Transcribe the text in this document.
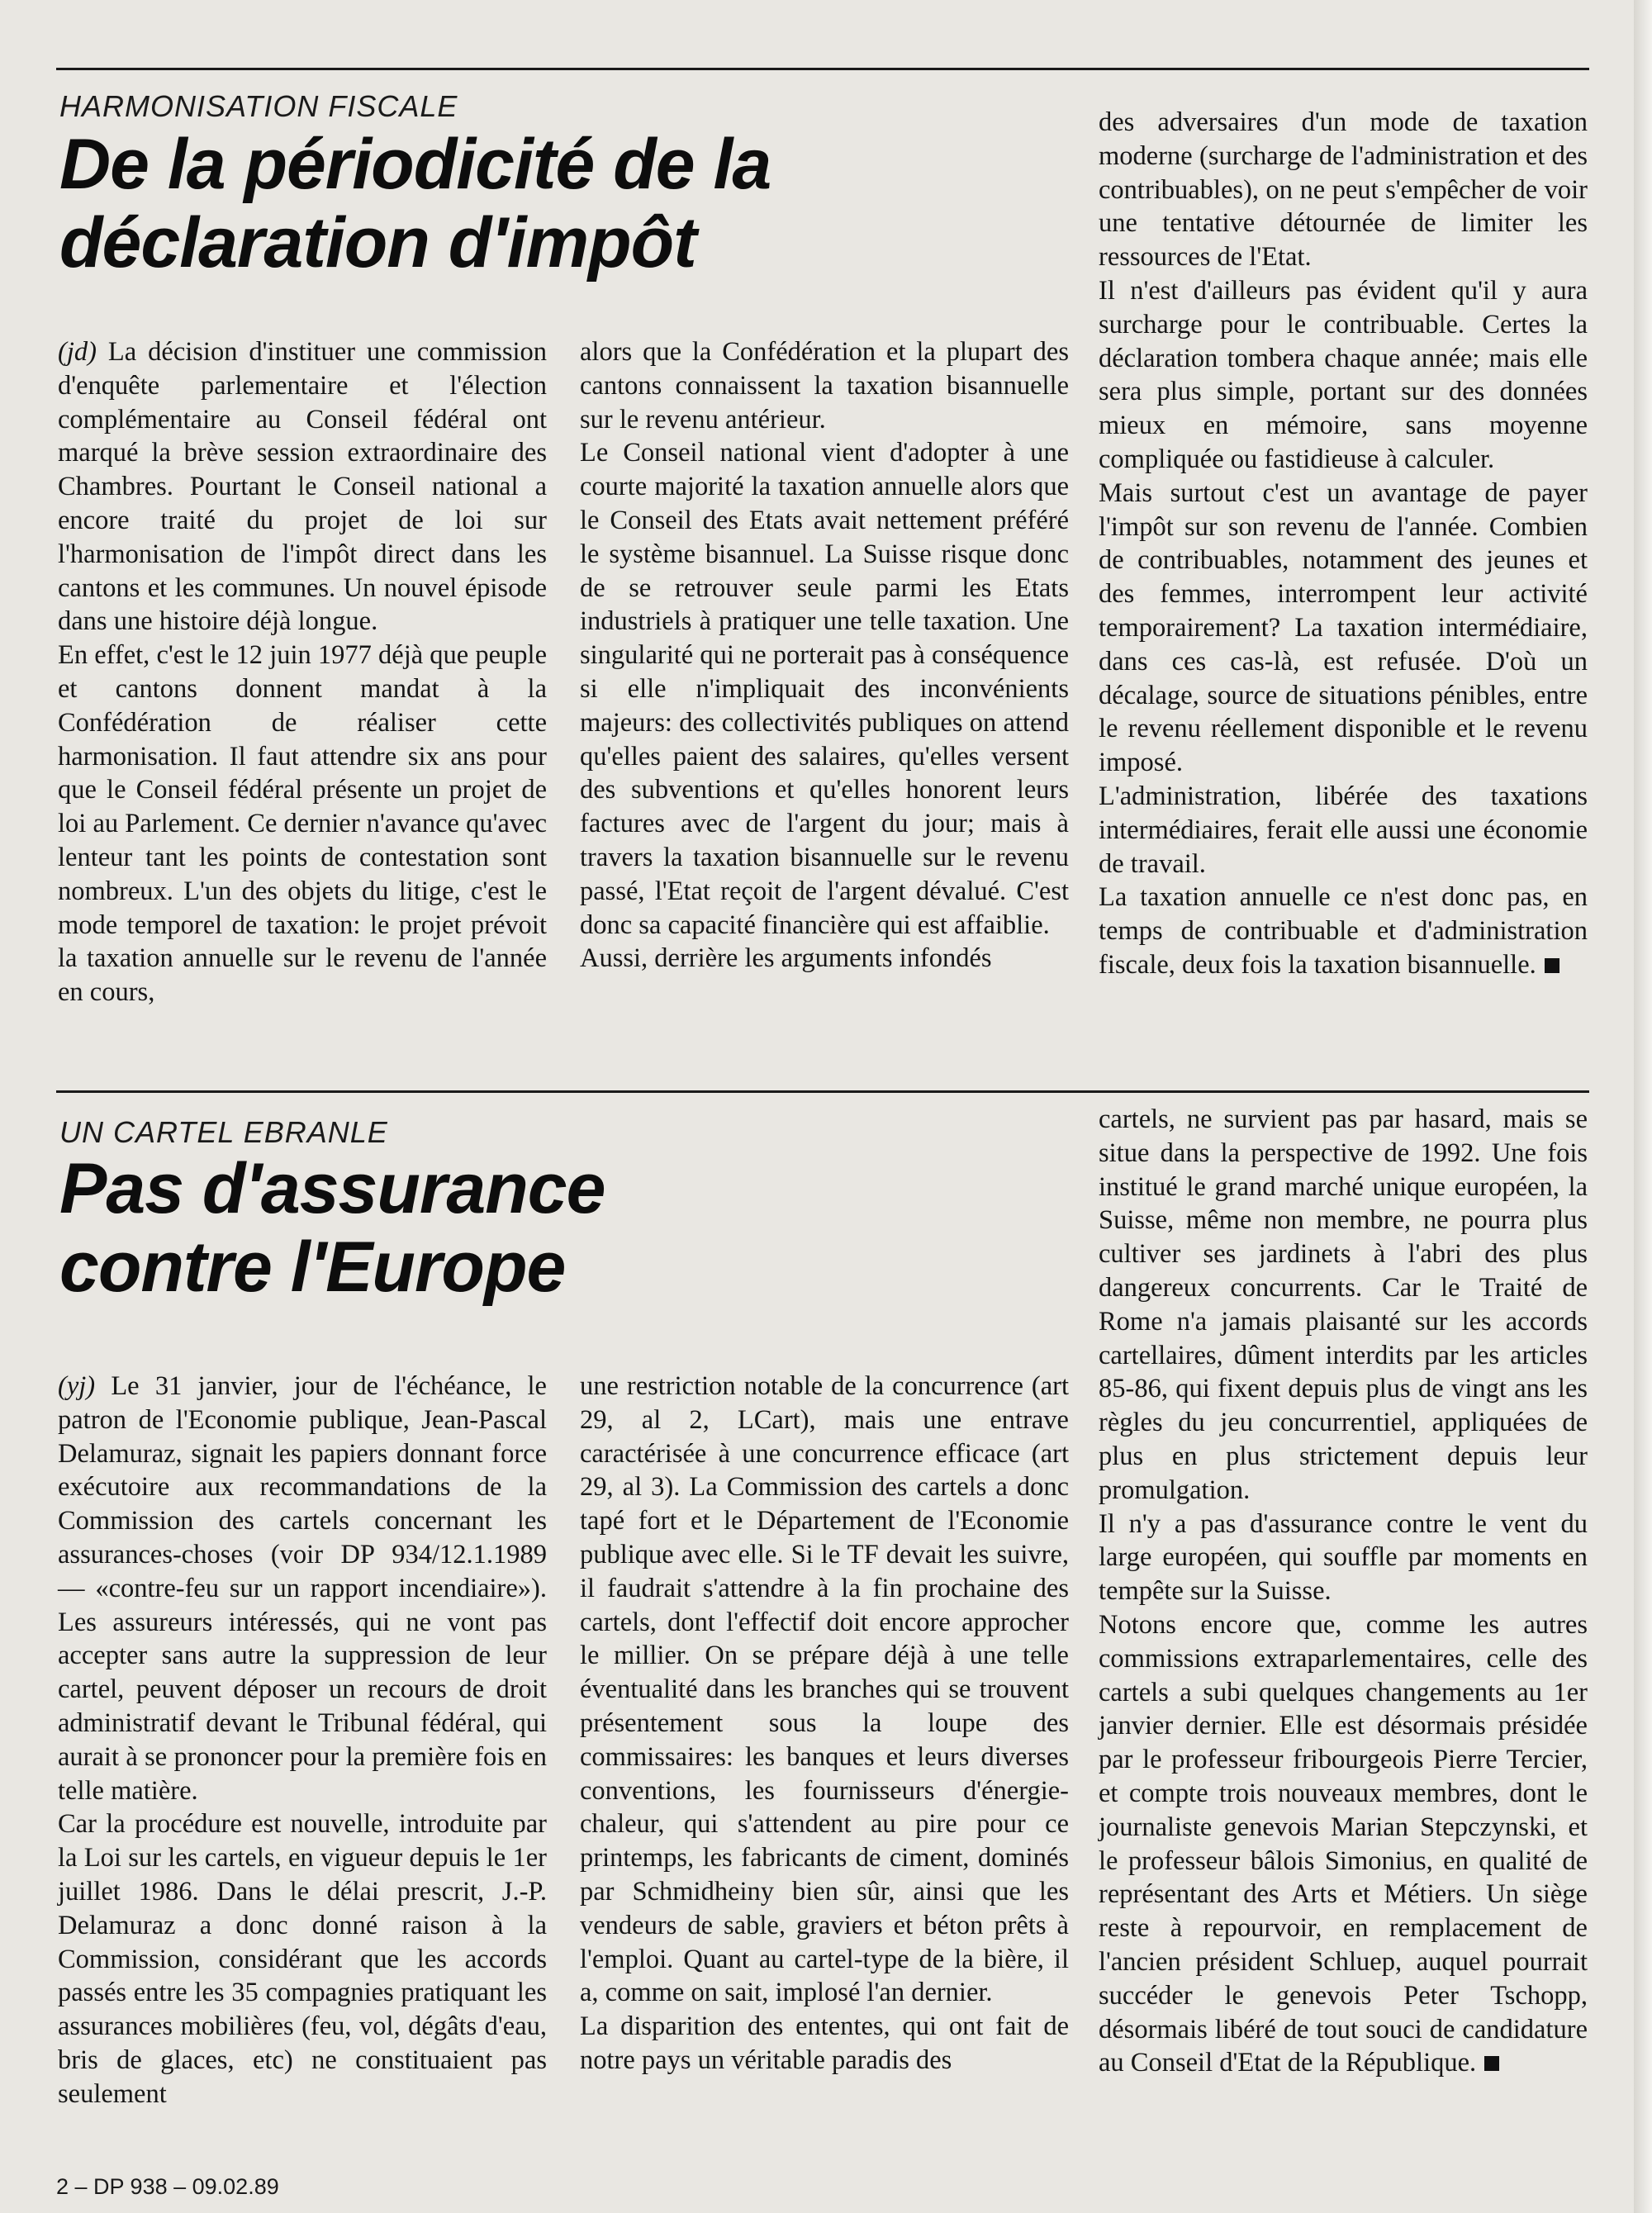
HARMONISATION FISCALE
De la périodicité de la
déclaration d'impôt

(jd) La décision d'instituer une commission d'enquête parlementaire et l'élection complémentaire au Conseil fédéral ont marqué la brève session extraordinaire des Chambres. Pourtant le Conseil national a encore traité du projet de loi sur l'harmonisation de l'impôt direct dans les cantons et les communes. Un nouvel épisode dans une histoire déjà longue.

En effet, c'est le 12 juin 1977 déjà que peuple et cantons donnent mandat à la Confédération de réaliser cette harmonisation. Il faut attendre six ans pour que le Conseil fédéral présente un projet de loi au Parlement. Ce dernier n'avance qu'avec lenteur tant les points de contestation sont nombreux. L'un des objets du litige, c'est le mode temporel de taxation: le projet prévoit la taxation annuelle sur le revenu de l'année en cours,

alors que la Confédération et la plupart des cantons connaissent la taxation bisannuelle sur le revenu antérieur.

Le Conseil national vient d'adopter à une courte majorité la taxation annuelle alors que le Conseil des Etats avait nettement préféré le système bisannuel. La Suisse risque donc de se retrouver seule parmi les Etats industriels à pratiquer une telle taxation. Une singularité qui ne porterait pas à conséquence si elle n'impliquait des inconvénients majeurs: des collectivités publiques on attend qu'elles paient des salaires, qu'elles versent des subventions et qu'elles honorent leurs factures avec de l'argent du jour; mais à travers la taxation bisannuelle sur le revenu passé, l'Etat reçoit de l'argent dévalué. C'est donc sa capacité financière qui est affaiblie.

Aussi, derrière les arguments infondés

des adversaires d'un mode de taxation moderne (surcharge de l'administration et des contribuables), on ne peut s'empêcher de voir une tentative détournée de limiter les ressources de l'Etat.

Il n'est d'ailleurs pas évident qu'il y aura surcharge pour le contribuable. Certes la déclaration tombera chaque année; mais elle sera plus simple, portant sur des données mieux en mémoire, sans moyenne compliquée ou fastidieuse à calculer.

Mais surtout c'est un avantage de payer l'impôt sur son revenu de l'année. Combien de contribuables, notamment des jeunes et des femmes, interrompent leur activité temporairement? La taxation intermédiaire, dans ces cas-là, est refusée. D'où un décalage, source de situations pénibles, entre le revenu réellement disponible et le revenu imposé.

L'administration, libérée des taxations intermédiaires, ferait elle aussi une économie de travail.

La taxation annuelle ce n'est donc pas, en temps de contribuable et d'administration fiscale, deux fois la taxation bisannuelle.

UN CARTEL EBRANLE
Pas d'assurance
contre l'Europe

(yj) Le 31 janvier, jour de l'échéance, le patron de l'Economie publique, Jean-Pascal Delamuraz, signait les papiers donnant force exécutoire aux recommandations de la Commission des cartels concernant les assurances-choses (voir DP 934/12.1.1989 — «contre-feu sur un rapport incendiaire»). Les assureurs intéressés, qui ne vont pas accepter sans autre la suppression de leur cartel, peuvent déposer un recours de droit administratif devant le Tribunal fédéral, qui aurait à se prononcer pour la première fois en telle matière.

Car la procédure est nouvelle, introduite par la Loi sur les cartels, en vigueur depuis le 1er juillet 1986. Dans le délai prescrit, J.-P. Delamuraz a donc donné raison à la Commission, considérant que les accords passés entre les 35 compagnies pratiquant les assurances mobilières (feu, vol, dégâts d'eau, bris de glaces, etc) ne constituaient pas seulement

une restriction notable de la concurrence (art 29, al 2, LCart), mais une entrave caractérisée à une concurrence efficace (art 29, al 3). La Commission des cartels a donc tapé fort et le Département de l'Economie publique avec elle. Si le TF devait les suivre, il faudrait s'attendre à la fin prochaine des cartels, dont l'effectif doit encore approcher le millier. On se prépare déjà à une telle éventualité dans les branches qui se trouvent présentement sous la loupe des commissaires: les banques et leurs diverses conventions, les fournisseurs d'énergie-chaleur, qui s'attendent au pire pour ce printemps, les fabricants de ciment, dominés par Schmidheiny bien sûr, ainsi que les vendeurs de sable, graviers et béton prêts à l'emploi. Quant au cartel-type de la bière, il a, comme on sait, implosé l'an dernier.

La disparition des ententes, qui ont fait de notre pays un véritable paradis des

cartels, ne survient pas par hasard, mais se situe dans la perspective de 1992. Une fois institué le grand marché unique européen, la Suisse, même non membre, ne pourra plus cultiver ses jardinets à l'abri des plus dangereux concurrents. Car le Traité de Rome n'a jamais plaisanté sur les accords cartellaires, dûment interdits par les articles 85-86, qui fixent depuis plus de vingt ans les règles du jeu concurrentiel, appliquées de plus en plus strictement depuis leur promulgation.

Il n'y a pas d'assurance contre le vent du large européen, qui souffle par moments en tempête sur la Suisse.

Notons encore que, comme les autres commissions extraparlementaires, celle des cartels a subi quelques changements au 1er janvier dernier. Elle est désormais présidée par le professeur fribourgeois Pierre Tercier, et compte trois nouveaux membres, dont le journaliste genevois Marian Stepczynski, et le professeur bâlois Simonius, en qualité de représentant des Arts et Métiers. Un siège reste à repourvoir, en remplacement de l'ancien président Schluep, auquel pourrait succéder le genevois Peter Tschopp, désormais libéré de tout souci de candidature au Conseil d'Etat de la République.

2 – DP 938 – 09.02.89
